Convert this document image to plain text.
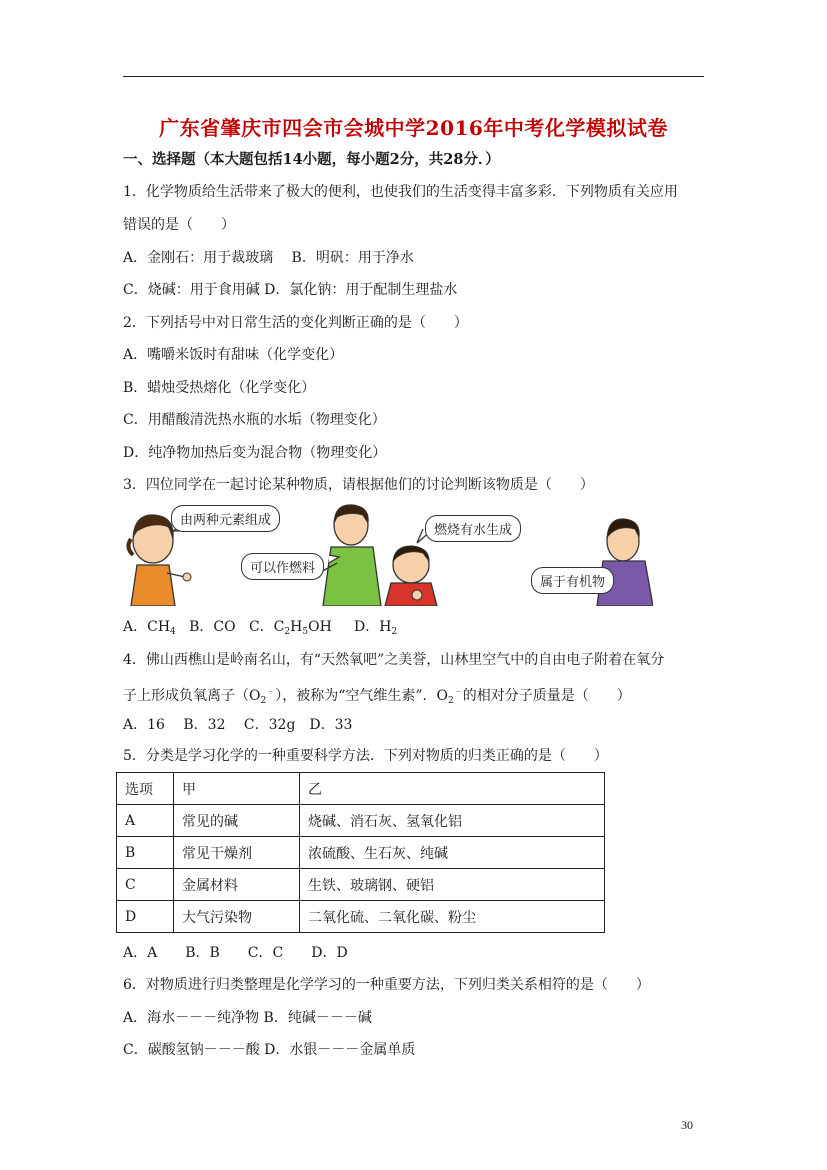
广东省肇庆市四会市会城中学2016年中考化学模拟试卷
一、选择题（本大题包括14小题，每小题2分，共28分．）
1．化学物质给生活带来了极大的便利，也使我们的生活变得丰富多彩．下列物质有关应用
错误的是（　　）
A．金刚石：用于裁玻璃　 B．明矾：用于净水
C．烧碱：用于食用碱 D．氯化钠：用于配制生理盐水
2．下列括号中对日常生活的变化判断正确的是（　　）
A．嘴嚼米饭时有甜味（化学变化）
B．蜡烛受热熔化（化学变化）
C．用醋酸清洗热水瓶的水垢（物理变化）
D．纯净物加热后变为混合物（物理变化）
3．四位同学在一起讨论某种物质，请根据他们的讨论判断该物质是（　　）
由两种元素组成
可以作燃料
燃烧有水生成
属于有机物
A．$CH_4$ B．CO C．$C_2H_5OH$ D．$H_2$
4．佛山西樵山是岭南名山，有“天然氧吧”之美誉，山林里空气中的自由电子附着在氧分
子上形成负氧离子$(O_2^﹣)$，被称为“空气维生素”．$O_2^﹣$的相对分子质量是（　　）
A．16　 B．32　 C．32g　D．33
5．分类是学习化学的一种重要科学方法．下列对物质的归类正确的是（　　）
选项	甲	乙
A	常见的碱	烧碱、消石灰、氢氧化铝
B	常见干燥剂	浓硫酸、生石灰、纯碱
C	金属材料	生铁、玻璃钢、硬铝
D	大气污染物	二氧化硫、二氧化碳、粉尘
A．A　　B．B　　C．C　　D．D
6．对物质进行归类整理是化学学习的一种重要方法，下列归类关系相符的是（　　）
A．海水－－－纯净物 B．纯碱－－－碱
C．碳酸氢钠－－－酸 D．水银－－－金属单质
30
